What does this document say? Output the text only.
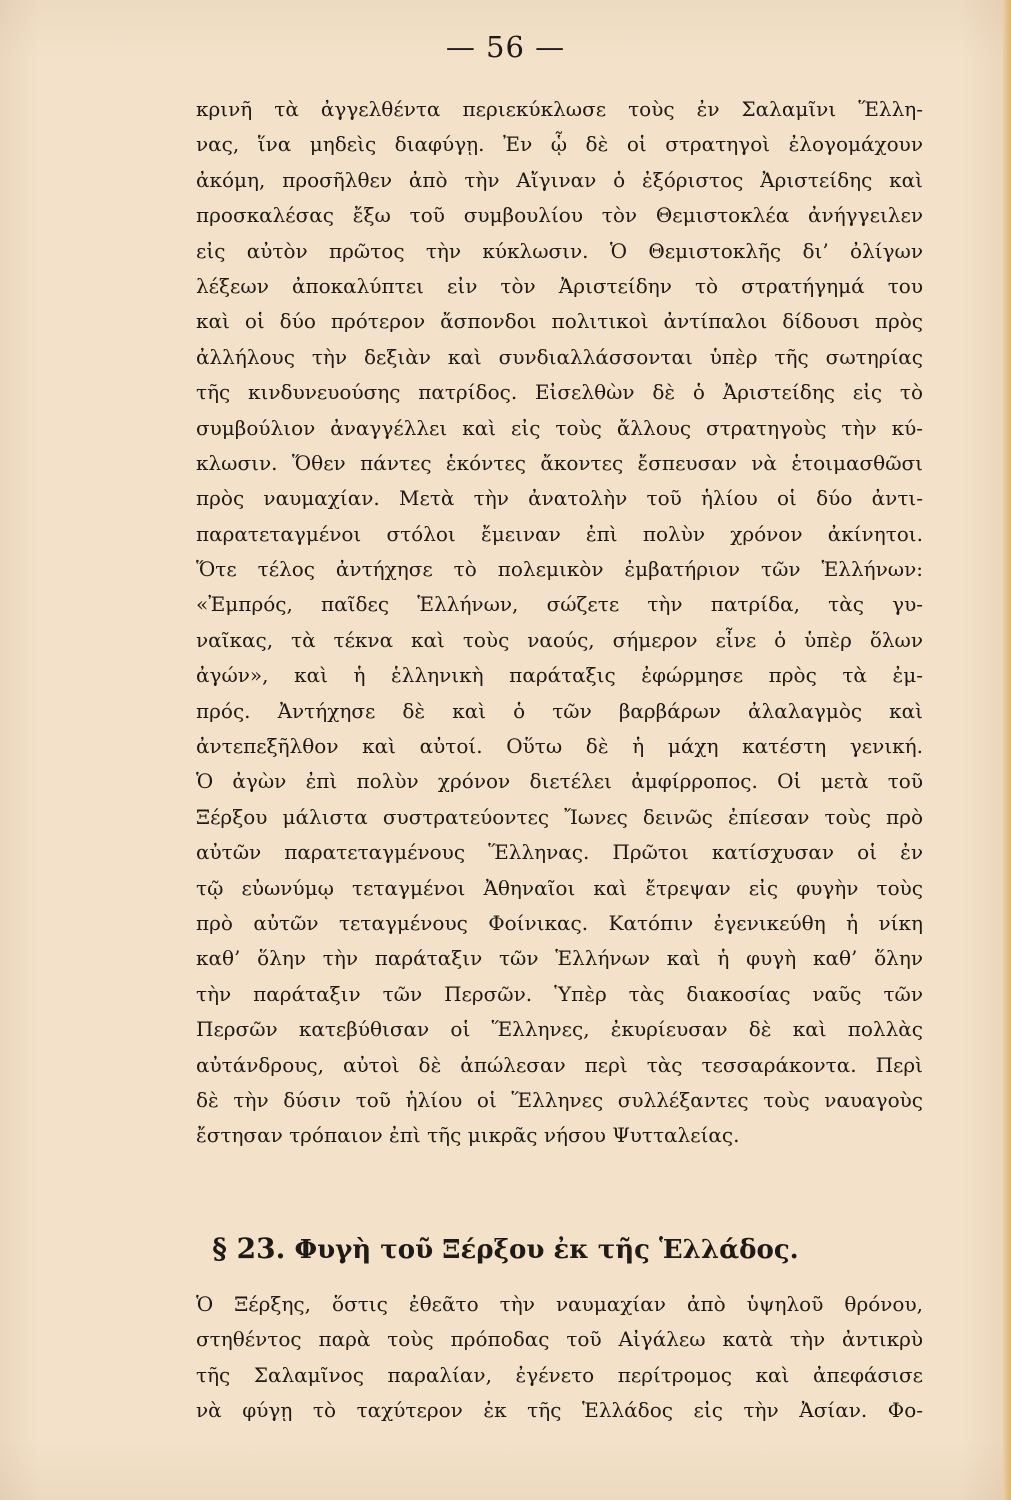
— 56 —
κρινῆ τὰ ἀγγελθέντα περιεκύκλωσε τοὺς ἐν Σαλαμῖνι Ἕλλη-
νας, ἵνα μηδεὶς διαφύγῃ. Ἐν ᾧ δὲ οἱ στρατηγοὶ ἐλογομάχουν
ἀκόμη, προσῆλθεν ἀπὸ τὴν Αἴγιναν ὁ ἐξόριστος Ἀριστείδης καὶ
προσκαλέσας ἔξω τοῦ συμβουλίου τὸν Θεμιστοκλέα ἀνήγγειλεν
εἰς αὐτὸν πρῶτος τὴν κύκλωσιν. Ὁ Θεμιστοκλῆς δι’ ὀλίγων
λέξεων ἀποκαλύπτει εἰν τὸν Ἀριστείδην τὸ στρατήγημά του
καὶ οἱ δύο πρότερον ἄσπονδοι πολιτικοὶ ἀντίπαλοι δίδουσι πρὸς
ἀλλήλους τὴν δεξιὰν καὶ συνδιαλλάσσονται ὑπὲρ τῆς σωτηρίας
τῆς κινδυνευούσης πατρίδος. Εἰσελθὼν δὲ ὁ Ἀριστείδης εἰς τὸ
συμβούλιον ἀναγγέλλει καὶ εἰς τοὺς ἄλλους στρατηγοὺς τὴν κύ-
κλωσιν. Ὅθεν πάντες ἑκόντες ἄκοντες ἔσπευσαν νὰ ἑτοιμασθῶσι
πρὸς ναυμαχίαν. Μετὰ τὴν ἀνατολὴν τοῦ ἡλίου οἱ δύο ἀντι-
παρατεταγμένοι στόλοι ἔμειναν ἐπὶ πολὺν χρόνον ἀκίνητοι.
Ὅτε τέλος ἀντήχησε τὸ πολεμικὸν ἐμβατήριον τῶν Ἑλλήνων:
«Ἐμπρός, παῖδες Ἑλλήνων, σώζετε τὴν πατρίδα, τὰς γυ-
ναῖκας, τὰ τέκνα καὶ τοὺς ναούς, σήμερον εἶνε ὁ ὑπὲρ ὅλων
ἀγών», καὶ ἡ ἑλληνικὴ παράταξις ἐφώρμησε πρὸς τὰ ἐμ-
πρός. Ἀντήχησε δὲ καὶ ὁ τῶν βαρβάρων ἀλαλαγμὸς καὶ
ἀντεπεξῆλθον καὶ αὐτοί. Οὕτω δὲ ἡ μάχη κατέστη γενική.
Ὁ ἀγὼν ἐπὶ πολὺν χρόνον διετέλει ἀμφίρροπος. Οἱ μετὰ τοῦ
Ξέρξου μάλιστα συστρατεύοντες Ἴωνες δεινῶς ἐπίεσαν τοὺς πρὸ
αὐτῶν παρατεταγμένους Ἕλληνας. Πρῶτοι κατίσχυσαν οἱ ἐν
τῷ εὐωνύμῳ τεταγμένοι Ἀθηναῖοι καὶ ἔτρεψαν εἰς φυγὴν τοὺς
πρὸ αὐτῶν τεταγμένους Φοίνικας. Κατόπιν ἐγενικεύθη ἡ νίκη
καθ’ ὅλην τὴν παράταξιν τῶν Ἑλλήνων καὶ ἡ φυγὴ καθ’ ὅλην
τὴν παράταξιν τῶν Περσῶν. Ὑπὲρ τὰς διακοσίας ναῦς τῶν
Περσῶν κατεβύθισαν οἱ Ἕλληνες, ἐκυρίευσαν δὲ καὶ πολλὰς
αὐτάνδρους, αὐτοὶ δὲ ἀπώλεσαν περὶ τὰς τεσσαράκοντα. Περὶ
δὲ τὴν δύσιν τοῦ ἡλίου οἱ Ἕλληνες συλλέξαντες τοὺς ναυαγοὺς
ἔστησαν τρόπαιον ἐπὶ τῆς μικρᾶς νήσου Ψυτταλείας.
§ 23. Φυγὴ τοῦ Ξέρξου ἐκ τῆς Ἑλλάδος.
Ὁ Ξέρξης, ὅστις ἐθεᾶτο τὴν ναυμαχίαν ἀπὸ ὑψηλοῦ θρόνου,
στηθέντος παρὰ τοὺς πρόποδας τοῦ Αἰγάλεω κατὰ τὴν ἀντικρὺ
τῆς Σαλαμῖνος παραλίαν, ἐγένετο περίτρομος καὶ ἀπεφάσισε
νὰ φύγῃ τὸ ταχύτερον ἐκ τῆς Ἑλλάδος εἰς τὴν Ἀσίαν. Φο-
